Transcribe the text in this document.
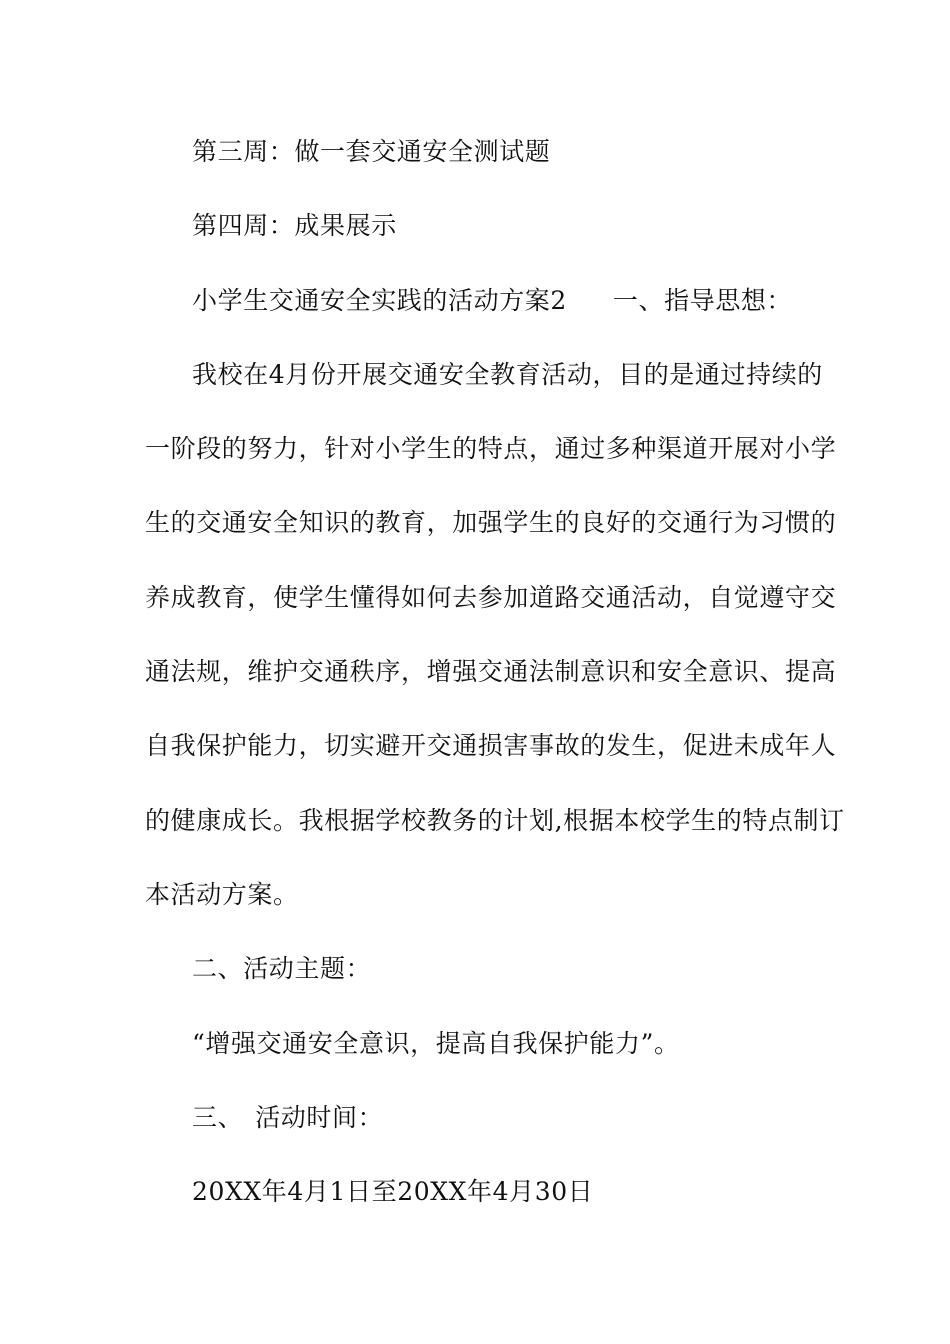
第三周：做一套交通安全测试题
第四周：成果展示
小学生交通安全实践的活动方案2 一、指导思想：
我校在4月份开展交通安全教育活动，目的是通过持续的
一阶段的努力，针对小学生的特点，通过多种渠道开展对小学
生的交通安全知识的教育，加强学生的良好的交通行为习惯的
养成教育，使学生懂得如何去参加道路交通活动，自觉遵守交
通法规，维护交通秩序，增强交通法制意识和安全意识、提高
自我保护能力，切实避开交通损害事故的发生，促进未成年人
的健康成长。我根据学校教务的计划,根据本校学生的特点制订
本活动方案。
二、活动主题：
“增强交通安全意识，提高自我保护能力”。
三、 活动时间：
20XX年4月1日至20XX年4月30日
